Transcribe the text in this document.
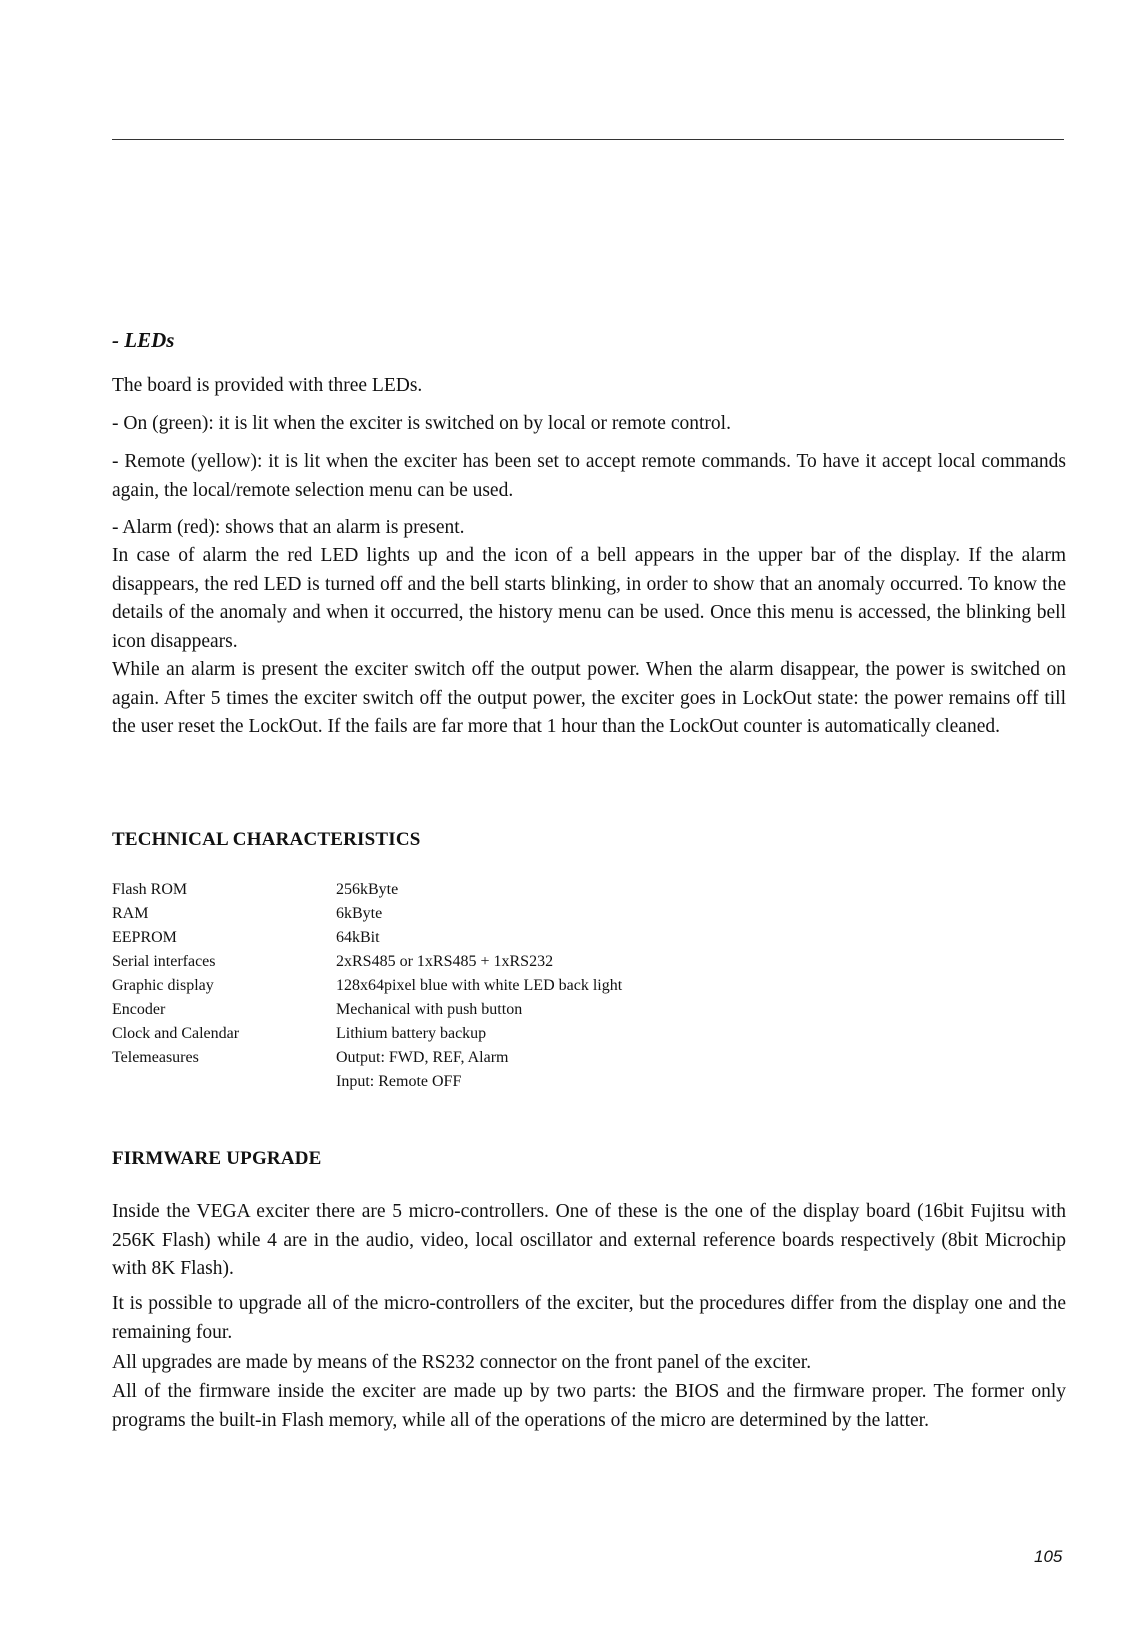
- LEDs

The board is provided with three LEDs.

- On (green): it is lit when the exciter is switched on by local or remote control.

- Remote (yellow): it is lit when the exciter has been set to accept remote commands. To have it accept local commands again, the local/remote selection menu can be used.

- Alarm (red): shows that an alarm is present.

In case of alarm the red LED lights up and the icon of a bell appears in the upper bar of the display. If the alarm disappears, the red LED is turned off and the bell starts blinking, in order to show that an anomaly occurred. To know the details of the anomaly and when it occurred, the history menu can be used. Once this menu is accessed, the blinking bell icon disappears.

While an alarm is present the exciter switch off the output power. When the alarm disappear, the power is switched on again. After 5 times the exciter switch off the output power, the exciter goes in LockOut state: the power remains off till the user reset the LockOut. If the fails are far more that 1 hour than the LockOut counter is automatically cleaned.

TECHNICAL CHARACTERISTICS
Flash ROM	256kByte
RAM	6kByte
EEPROM	64kBit
Serial interfaces	2xRS485 or 1xRS485 + 1xRS232
Graphic display	128x64pixel blue with white LED back light
Encoder	Mechanical with push button
Clock and Calendar	Lithium battery backup
Telemeasures	Output: FWD, REF, Alarm
Input: Remote OFF
FIRMWARE UPGRADE

Inside the VEGA exciter there are 5 micro-controllers. One of these is the one of the display board (16bit Fujitsu with 256K Flash) while 4 are in the audio, video, local oscillator and external reference boards respectively (8bit Microchip with 8K Flash).

It is possible to upgrade all of the micro-controllers of the exciter, but the procedures differ from the display one and the remaining four.

All upgrades are made by means of the RS232 connector on the front panel of the exciter.

All of the firmware inside the exciter are made up by two parts: the BIOS and the firmware proper. The former only programs the built-in Flash memory, while all of the operations of the micro are determined by the latter.

105
